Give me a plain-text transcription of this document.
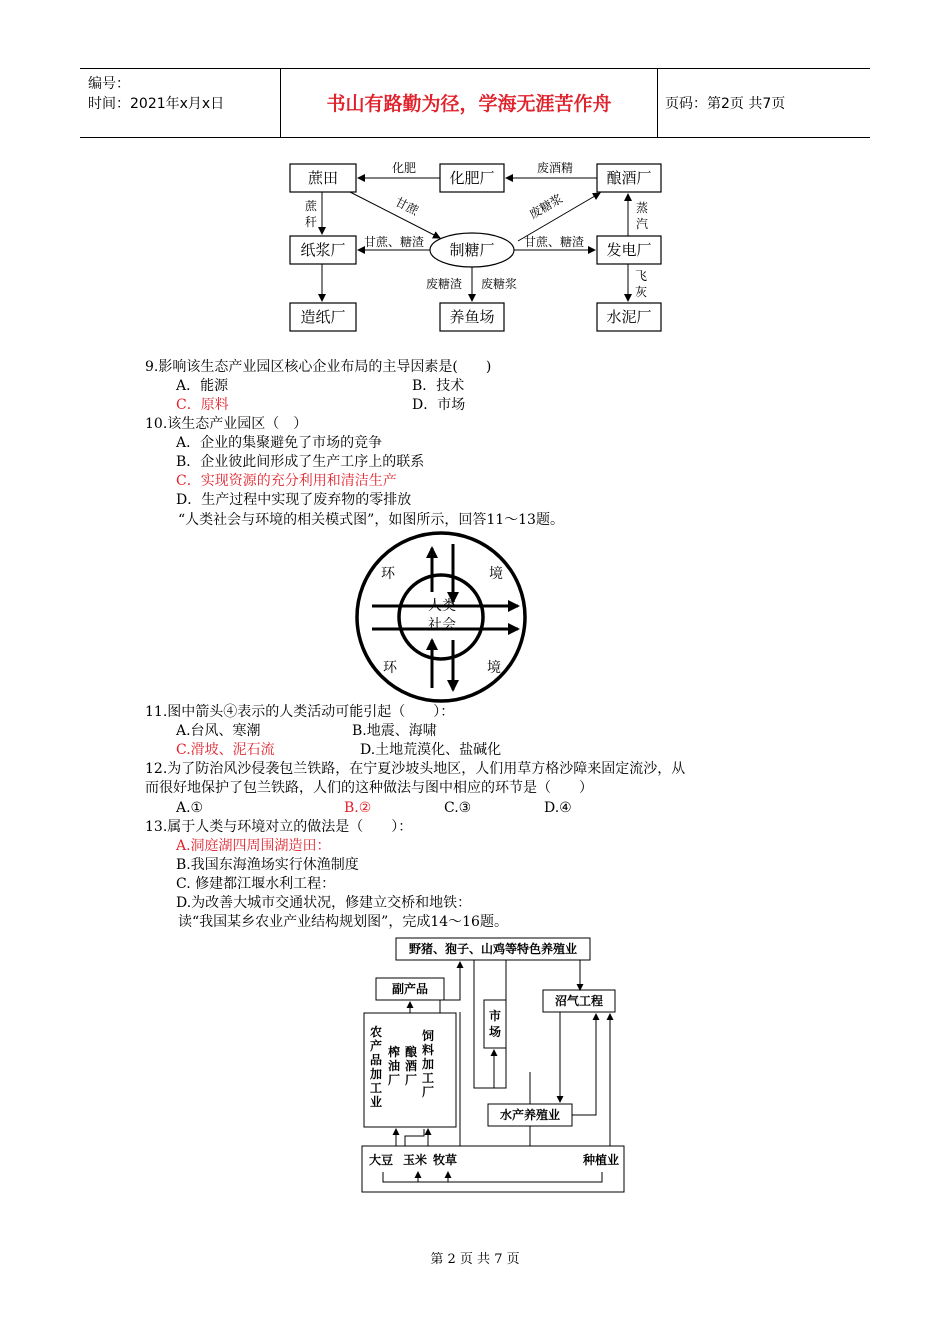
编号：
时间：2021年x月x日	书山有路勤为径，学海无涯苦作舟	页码：第2页 共7页
蔗田	化肥厂	酿酒厂
纸浆厂	制糖厂	发电厂
造纸厂	养鱼场	水泥厂
化肥	废酒精
甘蔗	废糖浆
蔗
秆
甘蔗、糖渣	甘蔗、糖渣
蒸
汽
废糖渣 废糖浆
飞
灰
9.影响该生态产业园区核心企业布局的主导因素是(　　)
A．能源	B．技术
C．原料	D．市场
10.该生态产业园区（　）
A．企业的集聚避免了市场的竞争
B．企业彼此间形成了生产工序上的联系
C．实现资源的充分利用和清洁生产
D．生产过程中实现了废弃物的零排放
“人类社会与环境的相关模式图”，如图所示，回答11～13题。
环	境
环	境
人类
社会
11.图中箭头④表示的人类活动可能引起（　　）：
A.台风、寒潮	B.地震、海啸
C.滑坡、泥石流	D.土地荒漠化、盐碱化
12.为了防治风沙侵袭包兰铁路，在宁夏沙坡头地区，人们用草方格沙障来固定流沙，从
而很好地保护了包兰铁路，人们的这种做法与图中相应的环节是（　　）
A.①	B.②	C.③	D.④
13.属于人类与环境对立的做法是（　　）：
A.洞庭湖四周围湖造田：
B.我国东海渔场实行休渔制度
C. 修建都江堰水利工程：
D.为改善大城市交通状况，修建立交桥和地铁：
读“我国某乡农业产业结构规划图”，完成14～16题。
野猪、狍子、山鸡等特色养殖业
副产品
沼气工程
市
场
水产养殖业
大豆 玉米 牧草	种植业
农
产
品
加
工
业
榨
油
厂
酿
酒
厂
饲
料
加
工
厂
第 2 页 共 7 页
